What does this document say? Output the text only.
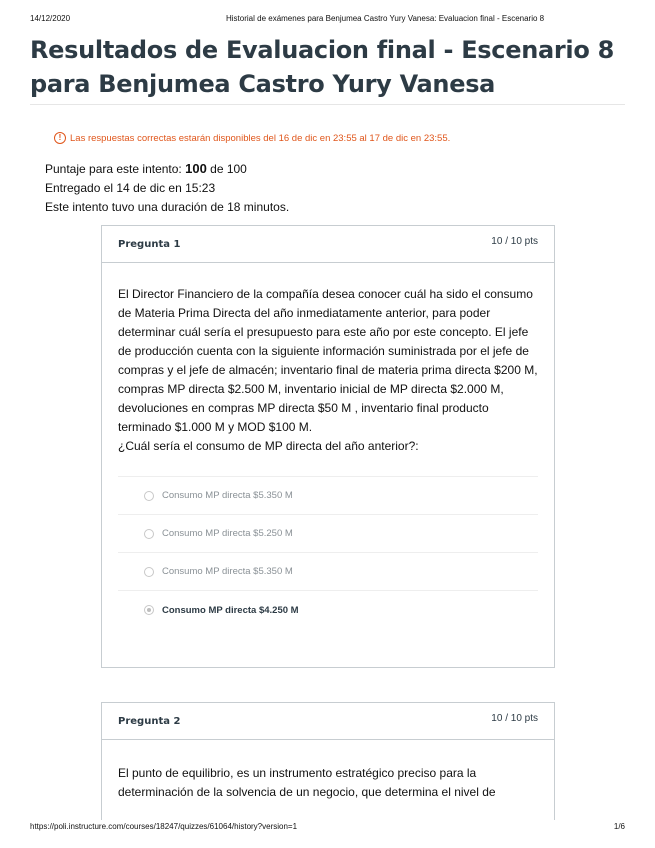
14/12/2020	Historial de exámenes para Benjumea Castro Yury Vanesa: Evaluacion final - Escenario 8
Resultados de Evaluacion final - Escenario 8 para Benjumea Castro Yury Vanesa
! Las respuestas correctas estarán disponibles del 16 de dic en 23:55 al 17 de dic en 23:55.
Puntaje para este intento: 100 de 100
Entregado el 14 de dic en 15:23
Este intento tuvo una duración de 18 minutos.
Pregunta 1	10 / 10 pts

El Director Financiero de la compañía desea conocer cuál ha sido el consumo de Materia Prima Directa del año inmediatamente anterior, para poder determinar cuál sería el presupuesto para este año por este concepto. El jefe de producción cuenta con la siguiente información suministrada por el jefe de compras y el jefe de almacén; inventario final de materia prima directa $200 M, compras MP directa $2.500 M, inventario inicial de MP directa $2.000 M, devoluciones en compras MP directa $50 M , inventario final producto terminado $1.000 M y MOD $100 M.

¿Cuál sería el consumo de MP directa del año anterior?:

Consumo MP directa $5.350 M
Consumo MP directa $5.250 M
Consumo MP directa $5.350 M
Consumo MP directa $4.250 M
Pregunta 2	10 / 10 pts

El punto de equilibrio, es un instrumento estratégico preciso para la determinación de la solvencia de un negocio, que determina el nivel de

https://poli.instructure.com/courses/18247/quizzes/61064/history?version=1	1/6
